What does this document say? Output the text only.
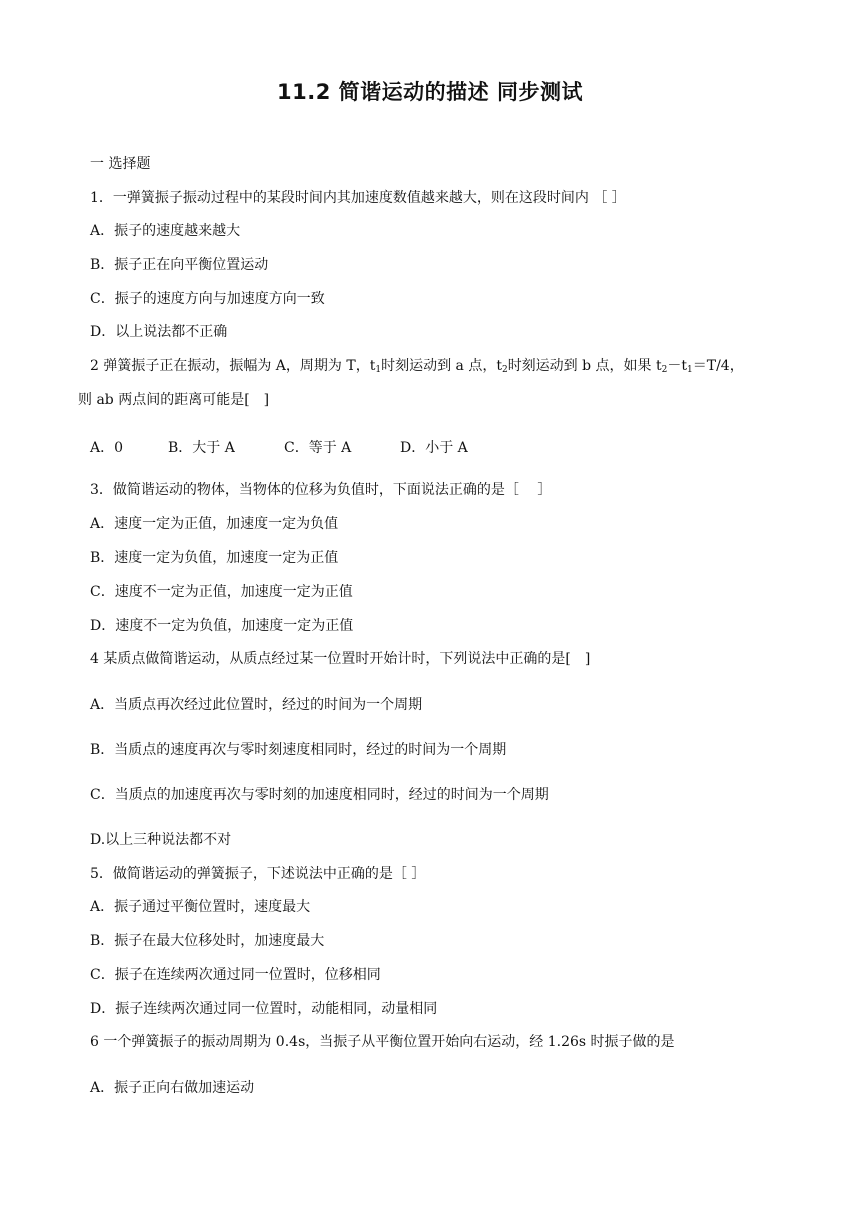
11.2 简谐运动的描述 同步测试
一 选择题
1．一弹簧振子振动过程中的某段时间内其加速度数值越来越大，则在这段时间内 ［ ］
A．振子的速度越来越大
B．振子正在向平衡位置运动
C．振子的速度方向与加速度方向一致
D．以上说法都不正确
2 弹簧振子正在振动，振幅为 A，周期为 T，$t_1$时刻运动到 a 点，$t_2$时刻运动到 b 点，如果 $t_2-t_1=T/4$，
则 ab 两点间的距离可能是[　]
A．0	B．大于 A	C．等于 A	D．小于 A
3．做简谐运动的物体，当物体的位移为负值时，下面说法正确的是［　 ］
A．速度一定为正值，加速度一定为负值
B．速度一定为负值，加速度一定为正值
C．速度不一定为正值，加速度一定为正值
D．速度不一定为负值，加速度一定为正值
4 某质点做简谐运动，从质点经过某一位置时开始计时，下列说法中正确的是[　]
A．当质点再次经过此位置时，经过的时间为一个周期
B．当质点的速度再次与零时刻速度相同时，经过的时间为一个周期
C．当质点的加速度再次与零时刻的加速度相同时，经过的时间为一个周期
D.以上三种说法都不对
5．做简谐运动的弹簧振子，下述说法中正确的是［ ］
A．振子通过平衡位置时，速度最大
B．振子在最大位移处时，加速度最大
C．振子在连续两次通过同一位置时，位移相同
D．振子连续两次通过同一位置时，动能相同，动量相同
6 一个弹簧振子的振动周期为 0.4s，当振子从平衡位置开始向右运动，经 1.26s 时振子做的是
A．振子正向右做加速运动
